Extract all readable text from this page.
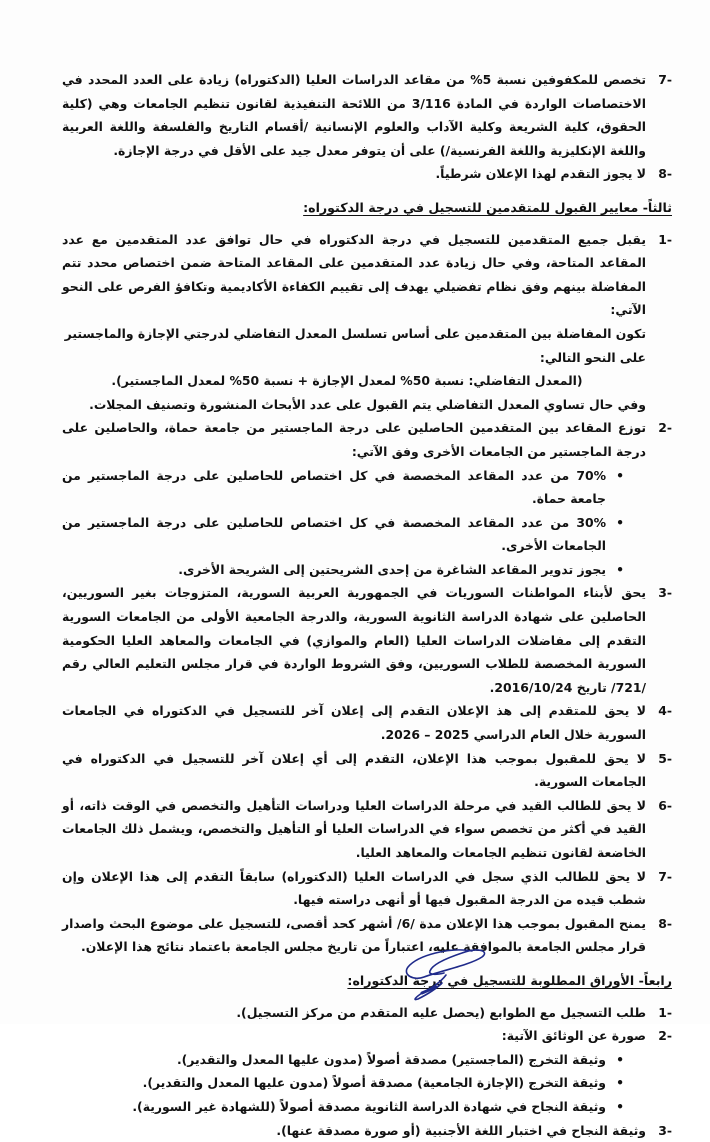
7-
تخصص للمكفوفين نسبة 5% من مقاعد الدراسات العليا (الدكتوراه) زيادة على العدد المحدد في الاختصاصات الواردة في المادة 3/116 من اللائحة التنفيذية لقانون تنظيم الجامعات وهي (كلية الحقوق، كلية الشريعة وكلية الآداب والعلوم الإنسانية /أقسام التاريخ والفلسفة واللغة العربية واللغة الإنكليزية واللغة الفرنسية/) على أن يتوفر معدل جيد على الأقل في درجة الإجازة.
8-
لا يجوز التقدم لهذا الإعلان شرطياً.
ثالثاً- معايير القبول للمتقدمين للتسجيل في درجة الدكتوراه:
1-
يقبل جميع المتقدمين للتسجيل في درجة الدكتوراه في حال توافق عدد المتقدمين مع عدد المقاعد المتاحة، وفي حال زيادة عدد المتقدمين على المقاعد المتاحة ضمن اختصاص محدد تتم المفاضلة بينهم وفق نظام تفضيلي يهدف إلى تقييم الكفاءة الأكاديمية وتكافؤ الفرص على النحو الآتي:
تكون المفاضلة بين المتقدمين على أساس تسلسل المعدل التفاضلي لدرجتي الإجازة والماجستير على النحو التالي:
(المعدل التفاضلي: نسبة 50% لمعدل الإجازة + نسبة 50% لمعدل الماجستير).
وفي حال تساوي المعدل التفاضلي يتم القبول على عدد الأبحاث المنشورة وتصنيف المجلات.
2-
توزع المقاعد بين المتقدمين الحاصلين على درجة الماجستير من جامعة حماة، والحاصلين على درجة الماجستير من الجامعات الأخرى وفق الآتي:
•
70% من عدد المقاعد المخصصة في كل اختصاص للحاصلين على درجة الماجستير من جامعة حماة.
•
30% من عدد المقاعد المخصصة في كل اختصاص للحاصلين على درجة الماجستير من الجامعات الأخرى.
•
يجوز تدوير المقاعد الشاغرة من إحدى الشريحتين إلى الشريحة الأخرى.
3-
يحق لأبناء المواطنات السوريات في الجمهورية العربية السورية، المتزوجات بغير السوريين، الحاصلين على شهادة الدراسة الثانوية السورية، والدرجة الجامعية الأولى من الجامعات السورية التقدم إلى مفاضلات الدراسات العليا (العام والموازي) في الجامعات والمعاهد العليا الحكومية السورية المخصصة للطلاب السوريين، وفق الشروط الواردة في قرار مجلس التعليم العالي رقم /721/ تاريخ 2016/10/24.
4-
لا يحق للمتقدم إلى هذ الإعلان التقدم إلى إعلان آخر للتسجيل في الدكتوراه في الجامعات السورية خلال العام الدراسي 2025 – 2026.
5-
لا يحق للمقبول بموجب هذا الإعلان، التقدم إلى أي إعلان آخر للتسجيل في الدكتوراه في الجامعات السورية.
6-
لا يحق للطالب القيد في مرحلة الدراسات العليا ودراسات التأهيل والتخصص في الوقت ذاته، أو القيد في أكثر من تخصص سواء في الدراسات العليا أو التأهيل والتخصص، ويشمل ذلك الجامعات الخاضعة لقانون تنظيم الجامعات والمعاهد العليا.
7-
لا يحق للطالب الذي سجل في الدراسات العليا (الدكتوراه) سابقاً التقدم إلى هذا الإعلان وإن شطب قيده من الدرجة المقبول فيها أو أنهى دراسته فيها.
8-
يمنح المقبول بموجب هذا الإعلان مدة /6/ أشهر كحد أقصى، للتسجيل على موضوع البحث واصدار قرار مجلس الجامعة بالموافقة عليه، اعتباراً من تاريخ مجلس الجامعة باعتماد نتائج هذا الإعلان.
رابعاً- الأوراق المطلوبة للتسجيل في درجة الدكتوراه:
1-
طلب التسجيل مع الطوابع (يحصل عليه المتقدم من مركز التسجيل).
2-
صورة عن الوثائق الآتية:
•
وثيقة التخرج (الماجستير) مصدقة أصولاً (مدون عليها المعدل والتقدير).
•
وثيقة التخرج (الإجازة الجامعية) مصدقة أصولاً (مدون عليها المعدل والتقدير).
•
وثيقة النجاح في شهادة الدراسة الثانوية مصدقة أصولاً (للشهادة غير السورية).
3-
وثيقة النجاح في اختبار اللغة الأجنبية (أو صورة مصدقة عنها).
